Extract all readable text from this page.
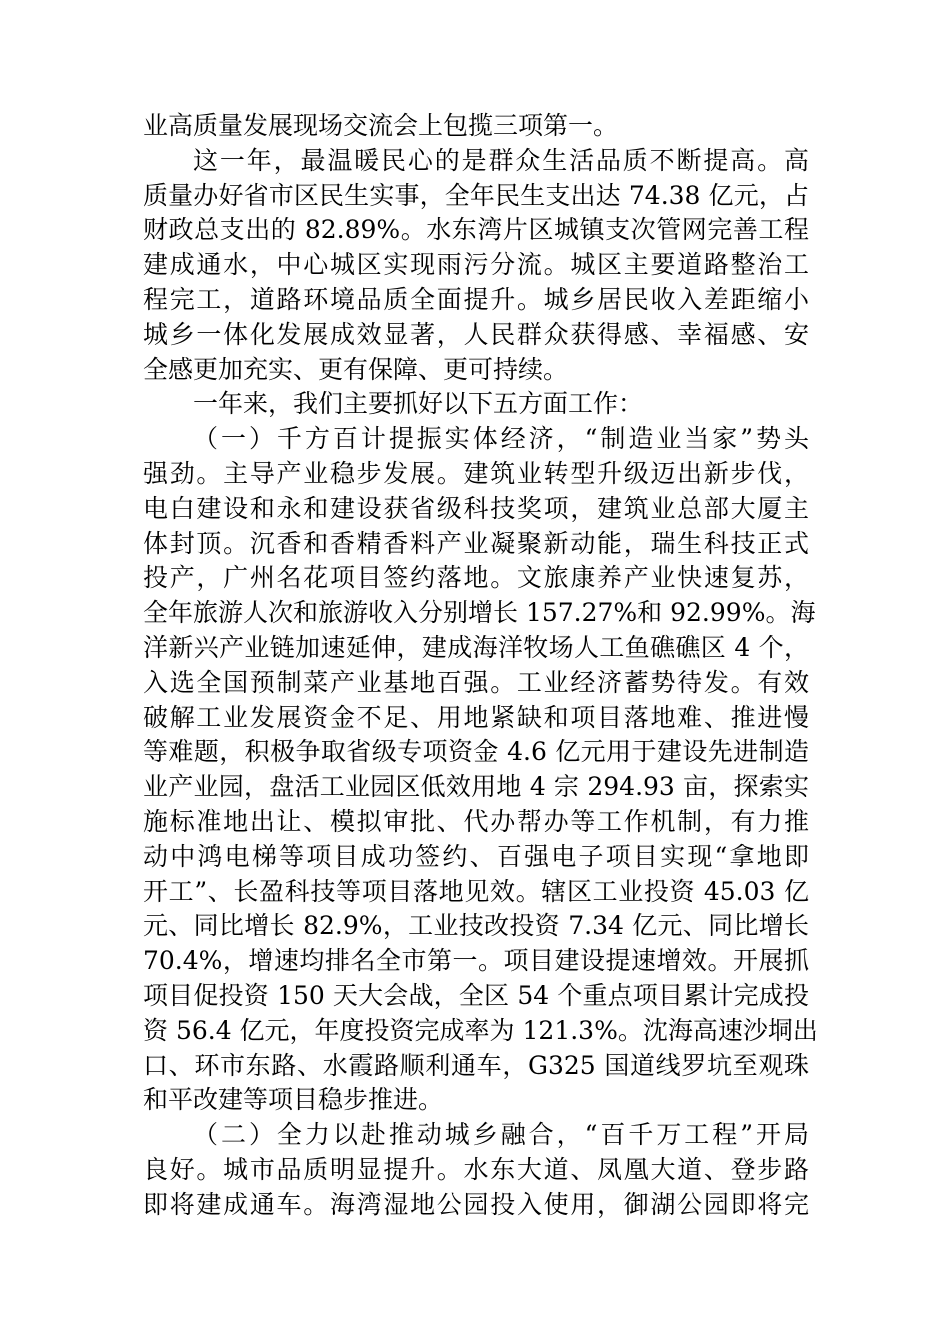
业高质量发展现场交流会上包揽三项第一。
这一年，最温暖民心的是群众生活品质不断提高。高
质量办好省市区民生实事，全年民生支出达 74.38 亿元，占
财政总支出的 82.89%。水东湾片区城镇支次管网完善工程
建成通水，中心城区实现雨污分流。城区主要道路整治工
程完工，道路环境品质全面提升。城乡居民收入差距缩小
城乡一体化发展成效显著，人民群众获得感、幸福感、安
全感更加充实、更有保障、更可持续。
一年来，我们主要抓好以下五方面工作：
（一）千方百计提振实体经济，“制造业当家”势头
强劲。主导产业稳步发展。建筑业转型升级迈出新步伐，
电白建设和永和建设获省级科技奖项，建筑业总部大厦主
体封顶。沉香和香精香料产业凝聚新动能，瑞生科技正式
投产，广州名花项目签约落地。文旅康养产业快速复苏，
全年旅游人次和旅游收入分别增长 157.27%和 92.99%。海
洋新兴产业链加速延伸，建成海洋牧场人工鱼礁礁区 4 个，
入选全国预制菜产业基地百强。工业经济蓄势待发。有效
破解工业发展资金不足、用地紧缺和项目落地难、推进慢
等难题，积极争取省级专项资金 4.6 亿元用于建设先进制造
业产业园，盘活工业园区低效用地 4 宗 294.93 亩，探索实
施标准地出让、模拟审批、代办帮办等工作机制，有力推
动中鸿电梯等项目成功签约、百强电子项目实现“拿地即
开工”、长盈科技等项目落地见效。辖区工业投资 45.03 亿
元、同比增长 82.9%，工业技改投资 7.34 亿元、同比增长
70.4%，增速均排名全市第一。项目建设提速增效。开展抓
项目促投资 150 天大会战，全区 54 个重点项目累计完成投
资 56.4 亿元，年度投资完成率为 121.3%。沈海高速沙垌出
口、环市东路、水霞路顺利通车，G325 国道线罗坑至观珠
和平改建等项目稳步推进。
（二）全力以赴推动城乡融合，“百千万工程”开局
良好。城市品质明显提升。水东大道、凤凰大道、登步路
即将建成通车。海湾湿地公园投入使用，御湖公园即将完
